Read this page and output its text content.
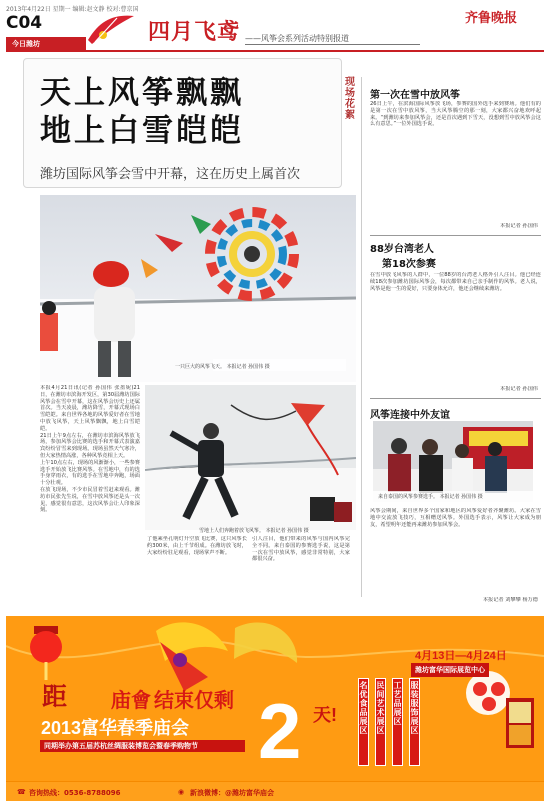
2013年4月22日 星期一 编辑:赵文静 校对:曹京国
C04
今日潍坊	四月飞鸢 ——风筝会系列活动特别报道
齐鲁晚报
天上风筝飘飘
地上白雪皑皑
潍坊国际风筝会雪中开幕，这在历史上属首次
现场花絮
一只巨大的风筝飞天。 本报记者 孙国伟 摄
雪地上人们奔跑着放飞风筝。 本报记者 孙国伟 摄

本报4月21日讯(记者 孙国伟 张墨妮)21日，在潍坊市滨海开发区，第30届潍坊国际风筝会在雪中开幕，这在风筝会历史上还属首次。当天凌晨，潍坊降雪，开幕式现场白雪皑皑。来自世界各地的风筝爱好者在雪地中放飞风筝，天上风筝飘飘，地上白雪皑皑。

21日上午9点左右，在潍坊市滨海风筝放飞场，参加风筝会比赛的选手和开幕式表演嘉宾纷纷冒雪来到现场。现场虽然天气寒冷，但大家热情高涨，各种风筝竞相上天。

上午10点左右，现场的风渐渐小，一些参赛选手开始放飞比赛风筝。在雪地中，有的选手身穿雨衣，有的选手在雪地中奔跑，场面十分壮观。

在放飞现场，不少市民冒着雪赶来观看。潍坊市民张先生说，在雪中放风筝还是头一次见，感觉很有意思，这次风筝会让人印象深刻。

了他乘坐孔明灯升空放飞比赛，这只风筝长约300米，由上千节组成。在潍坊放飞时，大家纷纷驻足观看，现场掌声不断。
引人注目，他们带来的风筝与国内风筝完全不同。来自泰国的参赛选手说，这是第一次在雪中放风筝，感觉非常特别，大家都很兴奋。
第一次在雪中放风筝
26日上午，在滨海国际风筝放飞场，参赛的国外选手来到赛场。他们有的是第一次在雪中放风筝，当大风筝腾空的那一刻，大家都兴奋地欢呼起来。“到潍坊来参加风筝会，还是首次遇到下雪天，没想到雪中放风筝会这么有意思。”一位外国选手说。
本报记者 孙国伟
88岁台湾老人
第18次参赛
在雪中放飞风筝的人群中，一位88岁的台湾老人格外引人注目。他已经连续18次参加潍坊国际风筝会，每次都带来自己亲手制作的风筝。老人说，风筝是他一生的爱好，只要身体允许，他还会继续来潍坊。
本报记者 孙国伟
风筝连接中外友谊
来自泰国的风筝参赛选手。 本报记者 孙国伟 摄
风筝会期间，来自世界多个国家和地区的风筝爱好者齐聚潍坊。大家在雪地中交流放飞技巧，互相赠送风筝。外国选手表示，风筝让大家成为朋友，希望明年还能再来潍坊参加风筝会。
本报记者 刘攀攀 杨万德
距 庙會 结束仅剩
2013富华春季庙会
同期举办第五届苏杭丝绸服装博览会暨春季购物节 2 天!
4月13日—4月24日
潍坊富华国际展览中心
名优食品展区
民间艺术展区
工艺品展区
服装服饰展区
☎ 咨询热线：0536-8788096	◉ 新浪微博：@潍坊富华庙会
